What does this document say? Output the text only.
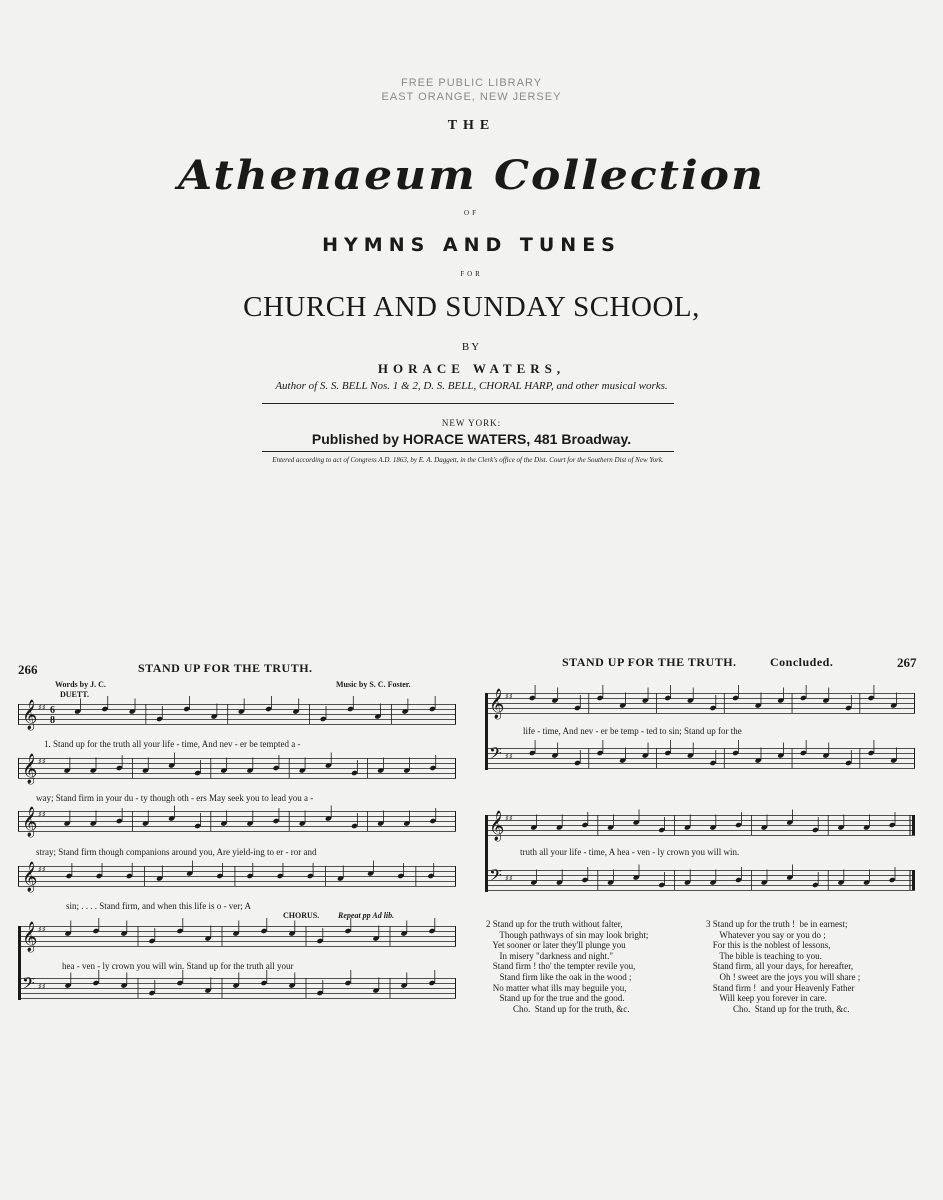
FREE PUBLIC LIBRARY
EAST ORANGE, NEW JERSEY
THE
Athenaeum Collection
OF
HYMNS AND TUNES
FOR
CHURCH AND SUNDAY SCHOOL,
BY
HORACE WATERS,
Author of S. S. BELL Nos. 1 & 2, D. S. BELL, CHORAL HARP, and other musical works.
NEW YORK:
Published by HORACE WATERS, 481 Broadway.
Entered according to act of Congress A.D. 1863, by E. A. Daggett, in the Clerk's office of the Dist. Court for the Southern Dist of New York.
266	STAND UP FOR THE TRUTH.
Words by J. C.	Music by S. C. Foster.
DUETT.
𝄞 ♯♯ 6
8
1. Stand up for the truth all your life - time, And nev - er be tempted a -
𝄞 ♯♯
way; Stand firm in your du - ty though oth - ers May seek you to lead you a -
𝄞 ♯♯
stray; Stand firm though companions around you, Are yield-ing to er - ror and
𝄞 ♯♯
sin; . . . . Stand firm, and when this life is o - ver; A
CHORUS. Repeat pp Ad lib.
𝄞 ♯♯
hea - ven - ly crown you will win. Stand up for the truth all your
𝄢 ♯♯
STAND UP FOR THE TRUTH.	Concluded.	267
𝄞 ♯♯
life - time, And nev - er be temp - ted to sin; Stand up for the
𝄢 ♯♯
𝄞 ♯♯
truth all your life - time, A hea - ven - ly crown you will win.
𝄢 ♯♯
2 Stand up for the truth without falter,
Though pathways of sin may look bright;
Yet sooner or later they'll plunge you
In misery "darkness and night."
Stand firm ! tho' the tempter revile you,
Stand firm like the oak in the wood ;
No matter what ills may beguile you,
Stand up for the true and the good.
Cho.  Stand up for the truth, &c.
3 Stand up for the truth !  be in earnest;
Whatever you say or you do ;
For this is the noblest of lessons,
The bible is teaching to you.
Stand firm, all your days, for hereafter,
Oh ! sweet are the joys you will share ;
Stand firm !  and your Heavenly Father
Will keep you forever in care.
Cho.  Stand up for the truth, &c.
